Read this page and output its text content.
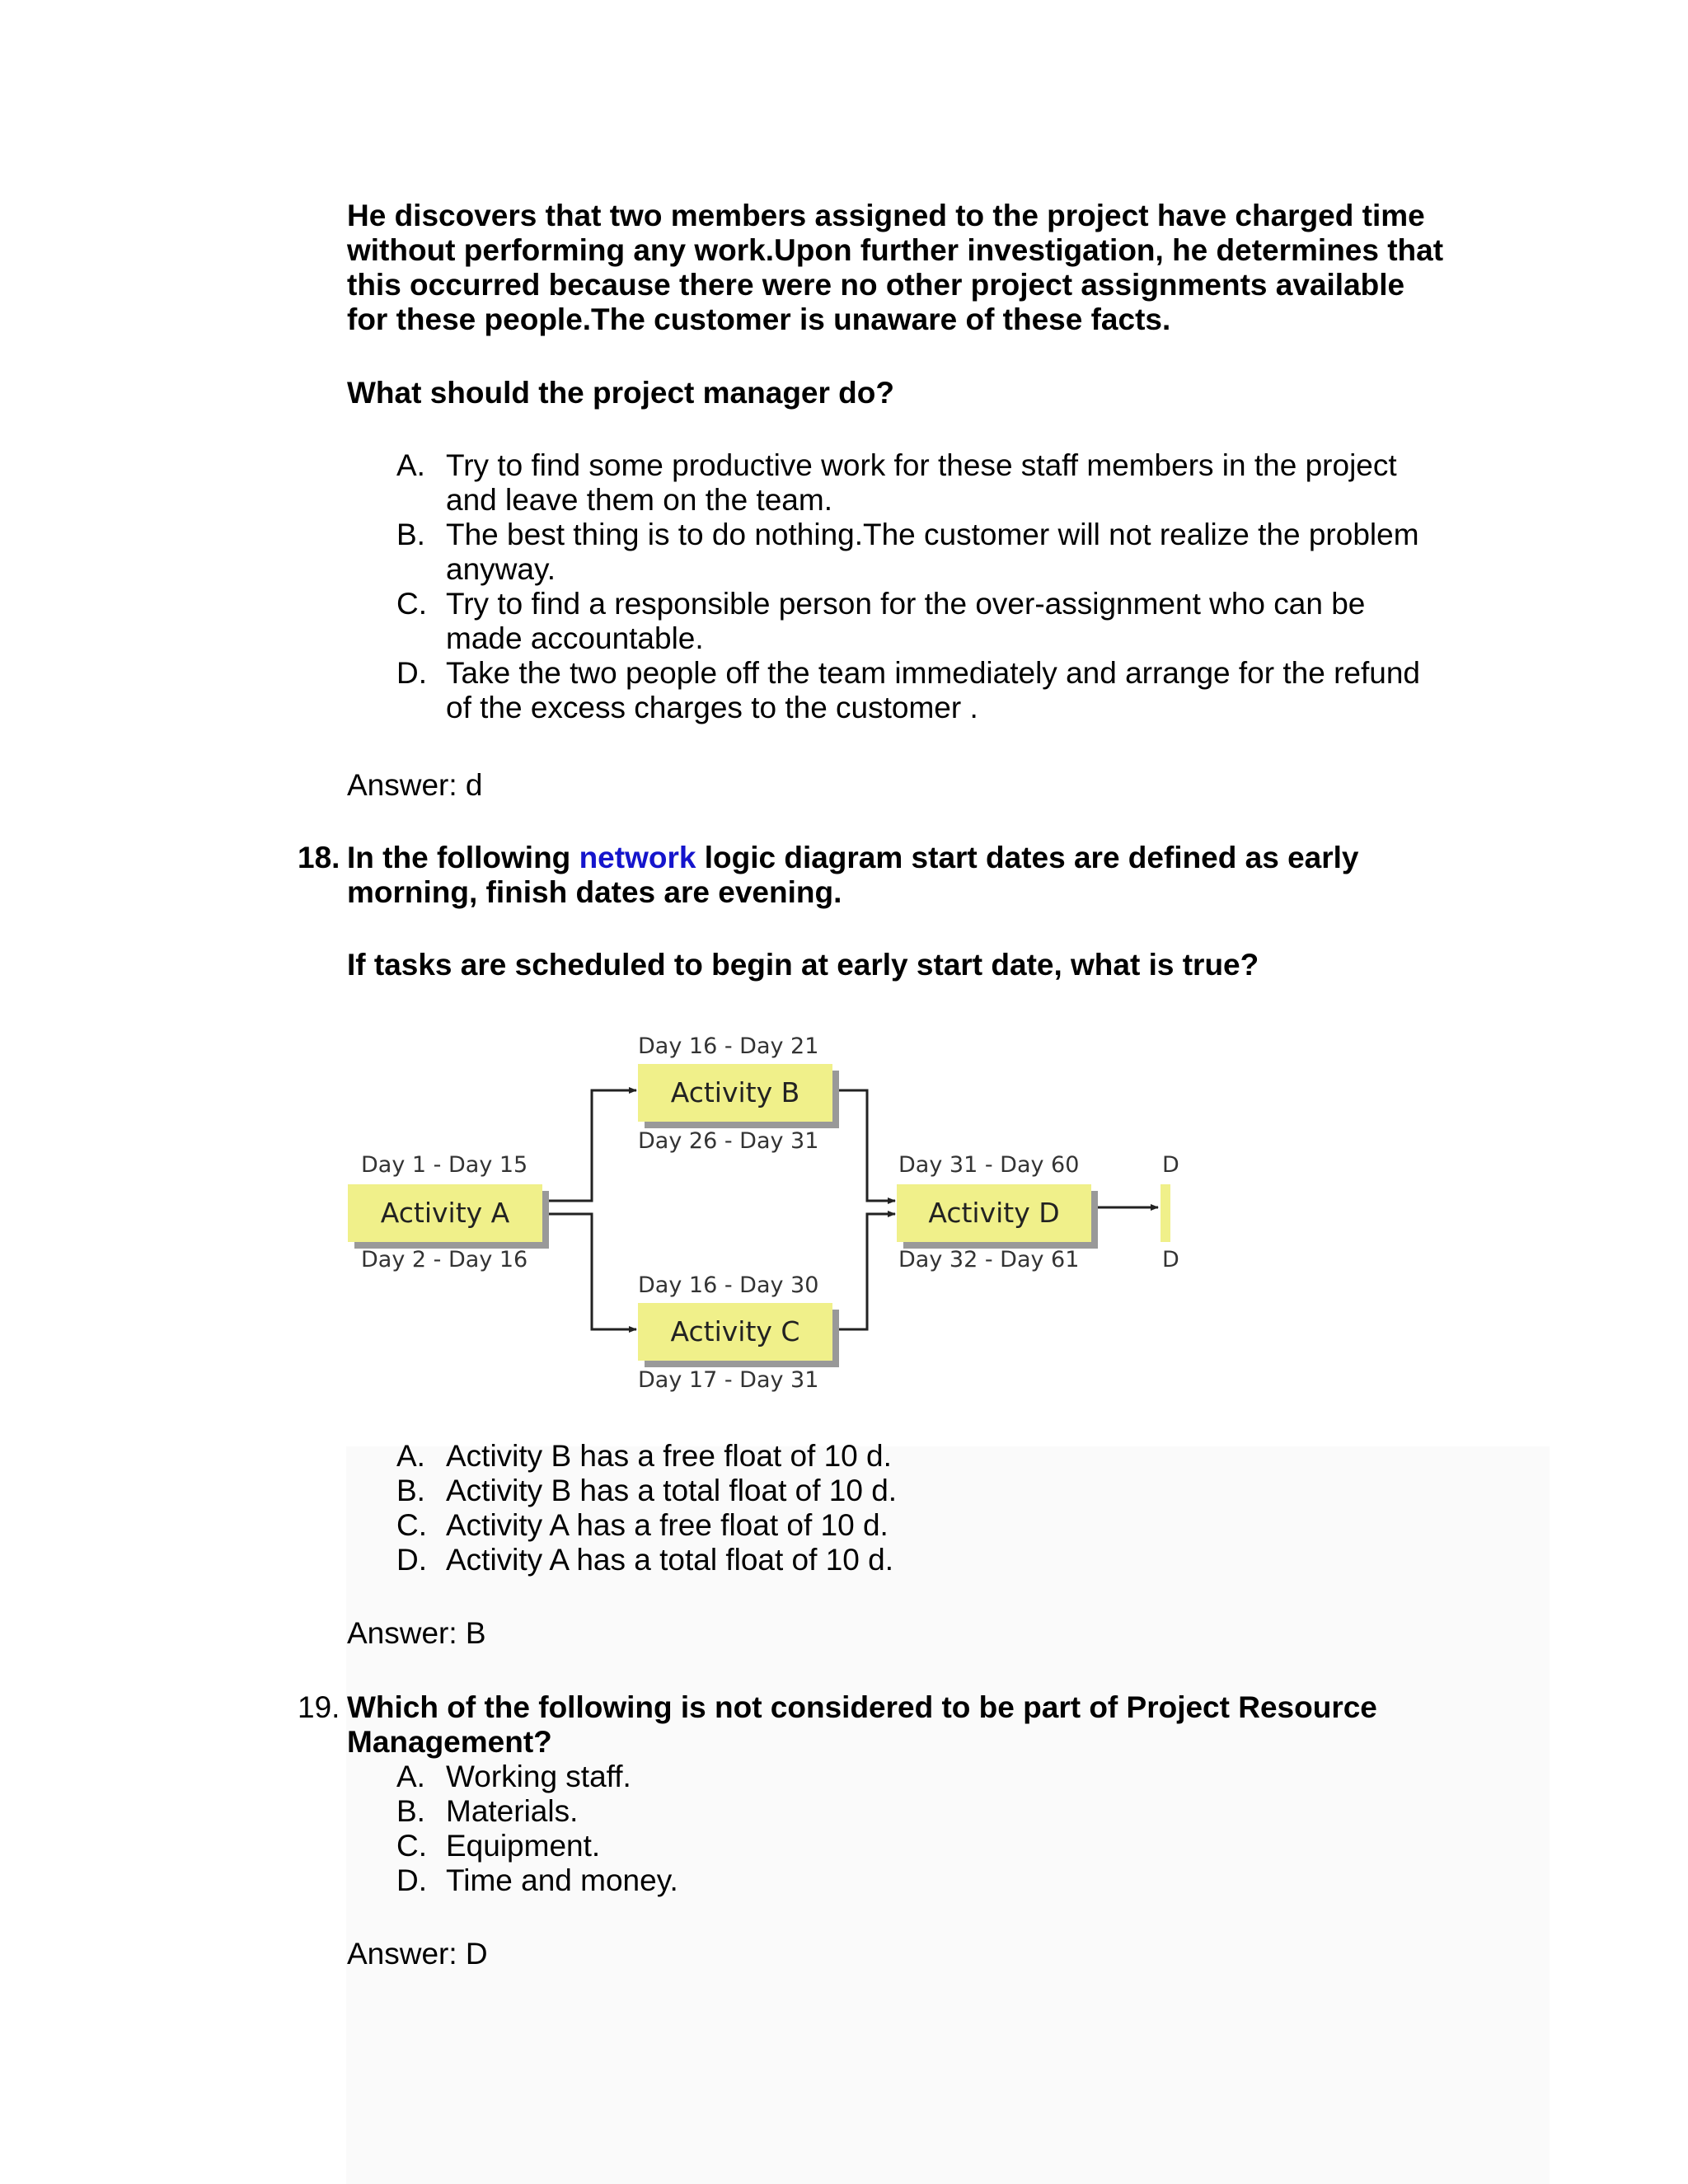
He discovers that two members assigned to the project have charged time

without performing any work.Upon further investigation, he determines that

this occurred because there were no other project assignments available

for these people.The customer is unaware of these facts.

What should the project manager do?

A. Try to find some productive work for these staff members in the project
and leave them on the team.
B. The best thing is to do nothing.The customer will not realize the problem
anyway.
C. Try to find a responsible person for the over-assignment who can be
made accountable.
D. Take the two people off the team immediately and arrange for the refund
of the excess charges to the customer .

Answer: d

18. In the following network logic diagram start dates are defined as early

morning, finish dates are evening.

If tasks are scheduled to begin at early start date, what is true?

Activity A
Day 1 - Day 15
Day 2 - Day 16
Activity B
Day 16 - Day 21
Day 26 - Day 31
Activity C
Day 16 - Day 30
Day 17 - Day 31
Activity D
Day 31 - Day 60
Day 32 - Day 61
D
D
A. Activity B has a free float of 10 d.
B. Activity B has a total float of 10 d.
C. Activity A has a free float of 10 d.
D. Activity A has a total float of 10 d.

Answer: B

19. Which of the following is not considered to be part of Project Resource

Management?

A. Working staff.
B. Materials.
C. Equipment.
D. Time and money.

Answer: D
